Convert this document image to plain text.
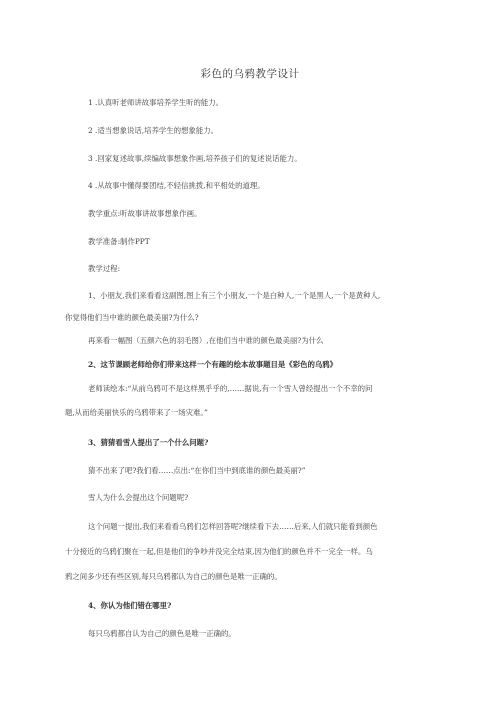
彩色的乌鸦教学设计
1 .认真听老师讲故事培养学生听的能力。
2 .适当想象说话,培养学生的想象能力。
3 .回家复述故事,续编故事想象作画,培养孩子们的复述说话能力。
4 .从故事中懂得要团结,不轻信挑拨,和平相处的道理。
教学重点:听故事讲故事想象作画。
教学准备:制作PPT
教学过程:
1、小朋友,我们来看看这副图,图上有三个小朋友,一个是白种人,一个是黑人,一个是黄种人,
你觉得他们当中谁的颜色最美丽?为什么?
再来看一幅图（五颜六色的羽毛图）,在他们当中谁的颜色最美丽?为什么
2、这节课顾老师给你们带来这样一个有趣的绘本故事题目是《彩色的乌鸦》
老师读绘本:“从前乌鸦可不是这样黑乎乎的,……据说,有一个雪人曾经提出一个不幸的问
题,从而给美丽快乐的乌鸦带来了一场灾难。”
3、猜猜看雪人提出了一个什么问题?
猜不出来了吧?我们看……点出:“在你们当中到底谁的颜色最美丽?”
雪人为什么会提出这个问题呢?
这个问题一提出,我们来看看乌鸦们怎样回答呢?继续看下去……后来,人们就只能看到颜色
十分接近的乌鸦们聚在一起,但是他们的争吵并没完全结束,因为他们的颜色并不一完全一样。乌
鸦之间多少还有些区别,每只乌鸦都认为自己的颜色是唯一正确的。
4、你认为他们错在哪里?
每只乌鸦都自认为自己的颜色是唯一正确的。
